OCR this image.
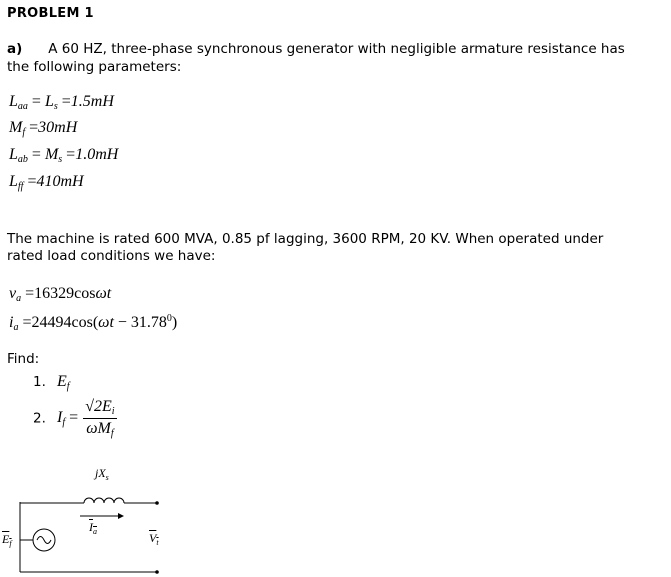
PROBLEM 1
a) A 60 HZ, three-phase synchronous generator with negligible armature resistance has
the following parameters:
$L_{aa} = L_s =1.5mH$
$M_f =30mH$
$L_{ab} = M_s =1.0mH$
$L_{ff} =410mH$
The machine is rated 600 MVA, 0.85 pf lagging, 3600 RPM, 20 KV. When operated under
rated load conditions we have:
$v_a =16329\cos\omega t$
$i_a =24494\cos(\omega t - 31.78^0)$
Find:
1. $E_f$
2. $I_f = \frac{√2E_i}{\omega M_f}$
$jX_s$
$I_a$	$V_t$
$E_f$
